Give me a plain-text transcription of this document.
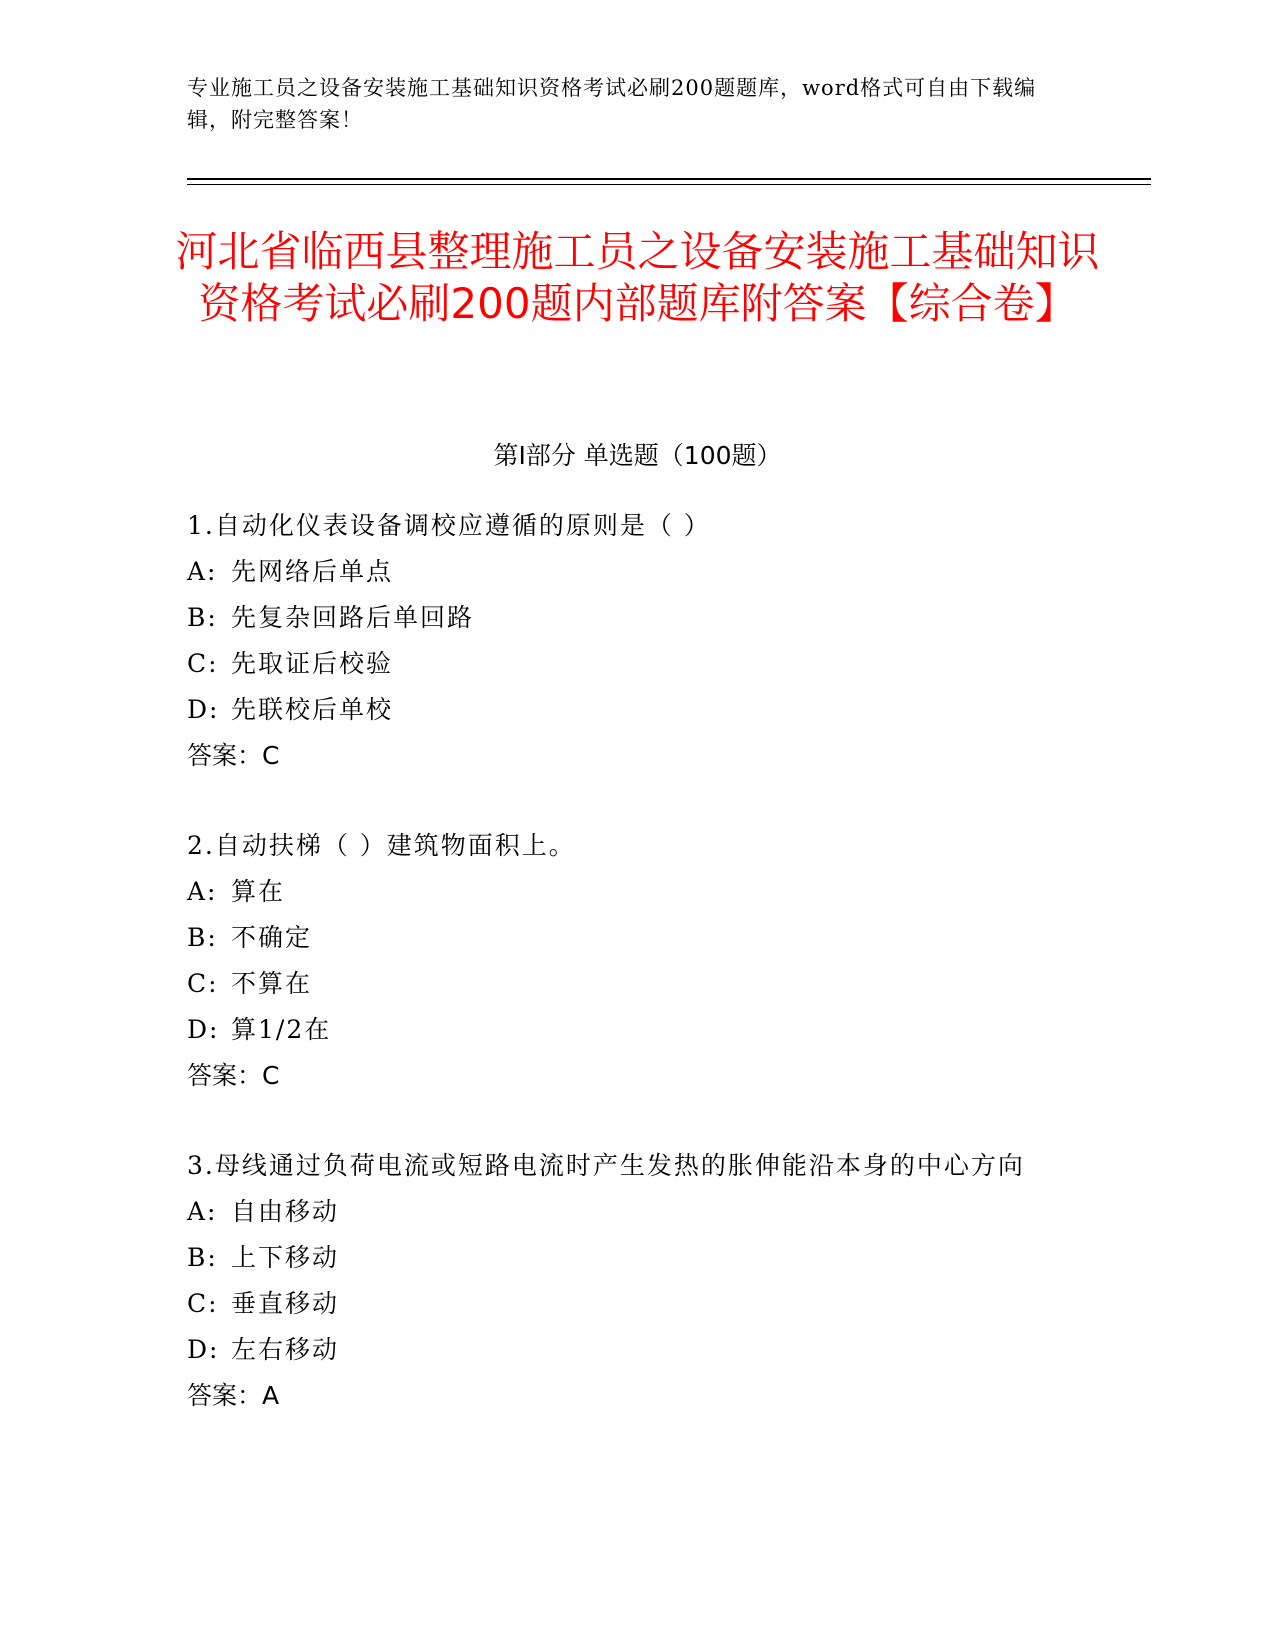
专业施工员之设备安装施工基础知识资格考试必刷200题题库，word格式可自由下载编辑，附完整答案！
河北省临西县整理施工员之设备安装施工基础知识资格考试必刷200题内部题库附答案【综合卷】
第I部分 单选题（100题）
1.自动化仪表设备调校应遵循的原则是（ ）
A: 先网络后单点
B: 先复杂回路后单回路
C: 先取证后校验
D: 先联校后单校
答案：C
2.自动扶梯（ ）建筑物面积上。
A: 算在
B: 不确定
C: 不算在
D: 算1/2在
答案：C
3.母线通过负荷电流或短路电流时产生发热的胀伸能沿本身的中心方向
A: 自由移动
B: 上下移动
C: 垂直移动
D: 左右移动
答案：A
